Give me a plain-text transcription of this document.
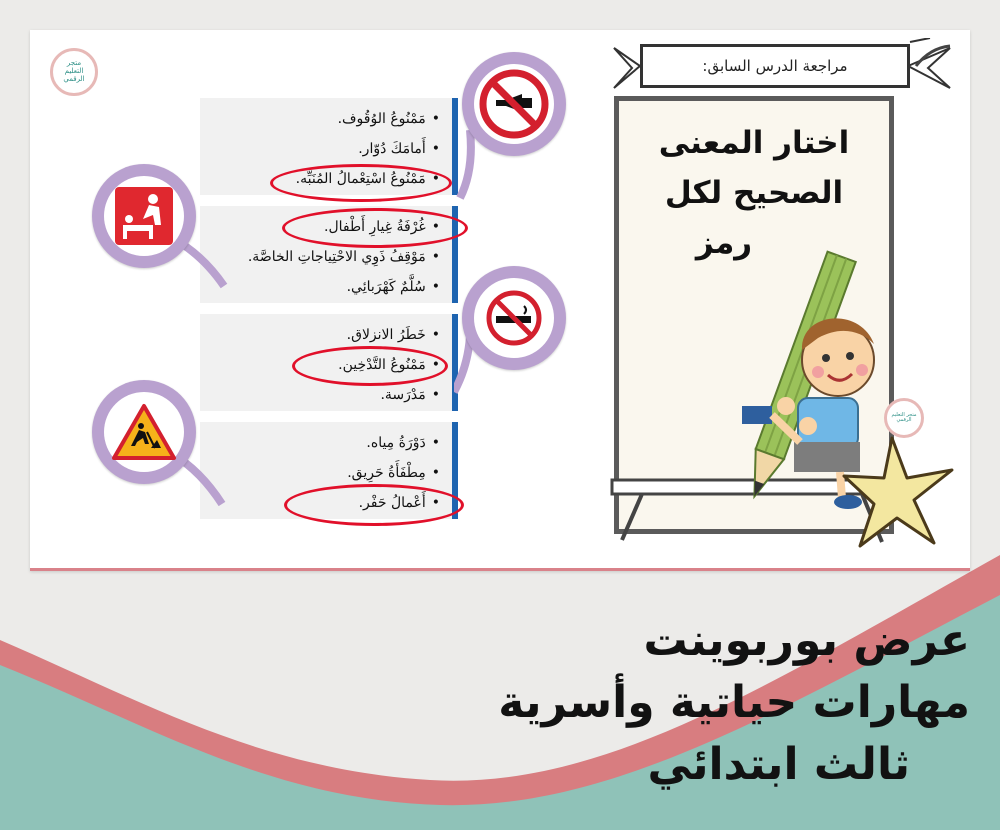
متجر التعليم الرقمي
مراجعة الدرس السابق:
اختار المعنى
الصحيح لكل
رمز
متجر التعليم الرقمي
• مَمْنُوعُ الوُقُوف.
• أَمامَكَ دُوّار.
• مَمْنُوعُ اسْتِعْمالُ المُنَبِّه.
• غُرْفَةُ غِيارِ أَطْفال.
• مَوْقِفُ ذَوِي الاحْتِياجاتِ الخاصَّة.
• سُلَّمٌ كَهْرَبائِي.
• خَطَرُ الانزلاق.
• مَمْنُوعُ التَّدْخِين.
• مَدْرَسة.
• دَوْرَةُ مِياه.
• مِطْفَأَةُ حَرِيق.
• أَعْمالُ حَفْر.
عرض بوربوينت
مهارات حياتية وأسرية
ثالث ابتدائي
